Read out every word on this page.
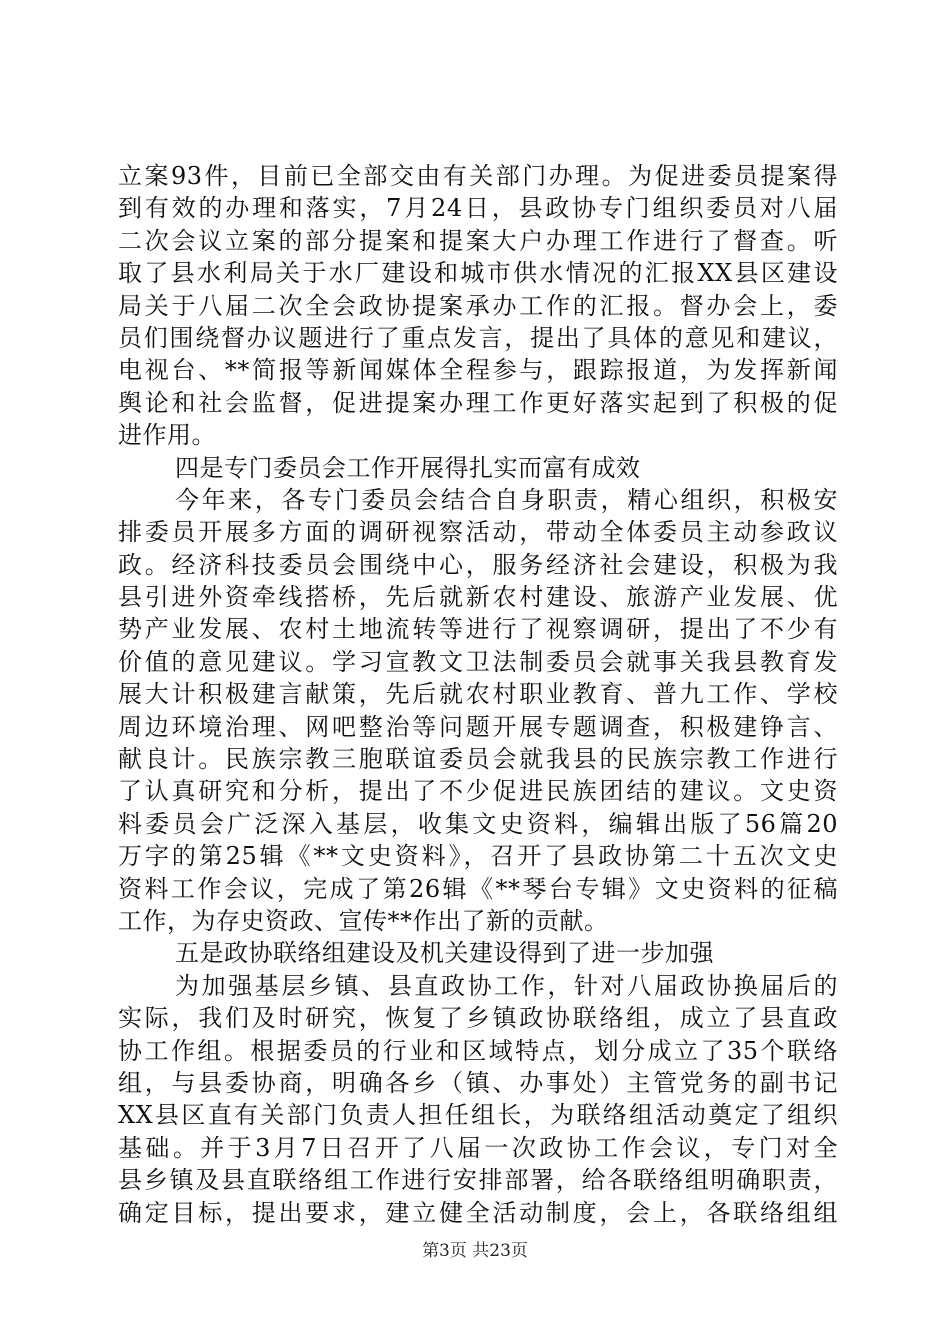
立案93件，目前已全部交由有关部门办理。为促进委员提案得
到有效的办理和落实，7月24日，县政协专门组织委员对八届
二次会议立案的部分提案和提案大户办理工作进行了督查。听
取了县水利局关于水厂建设和城市供水情况的汇报XX县区建设
局关于八届二次全会政协提案承办工作的汇报。督办会上，委
员们围绕督办议题进行了重点发言，提出了具体的意见和建议，
电视台、**简报等新闻媒体全程参与，跟踪报道，为发挥新闻
舆论和社会监督，促进提案办理工作更好落实起到了积极的促
进作用。
四是专门委员会工作开展得扎实而富有成效
今年来，各专门委员会结合自身职责，精心组织，积极安
排委员开展多方面的调研视察活动，带动全体委员主动参政议
政。经济科技委员会围绕中心，服务经济社会建设，积极为我
县引进外资牵线搭桥，先后就新农村建设、旅游产业发展、优
势产业发展、农村土地流转等进行了视察调研，提出了不少有
价值的意见建议。学习宣教文卫法制委员会就事关我县教育发
展大计积极建言献策，先后就农村职业教育、普九工作、学校
周边环境治理、网吧整治等问题开展专题调查，积极建铮言、
献良计。民族宗教三胞联谊委员会就我县的民族宗教工作进行
了认真研究和分析，提出了不少促进民族团结的建议。文史资
料委员会广泛深入基层，收集文史资料，编辑出版了56篇20
万字的第25辑《**文史资料》，召开了县政协第二十五次文史
资料工作会议，完成了第26辑《**琴台专辑》文史资料的征稿
工作，为存史资政、宣传**作出了新的贡献。
五是政协联络组建设及机关建设得到了进一步加强
为加强基层乡镇、县直政协工作，针对八届政协换届后的
实际，我们及时研究，恢复了乡镇政协联络组，成立了县直政
协工作组。根据委员的行业和区域特点，划分成立了35个联络
组，与县委协商，明确各乡（镇、办事处）主管党务的副书记
XX县区直有关部门负责人担任组长，为联络组活动奠定了组织
基础。并于3月7日召开了八届一次政协工作会议，专门对全
县乡镇及县直联络组工作进行安排部署，给各联络组明确职责，
确定目标，提出要求，建立健全活动制度，会上，各联络组组
第3页 共23页
